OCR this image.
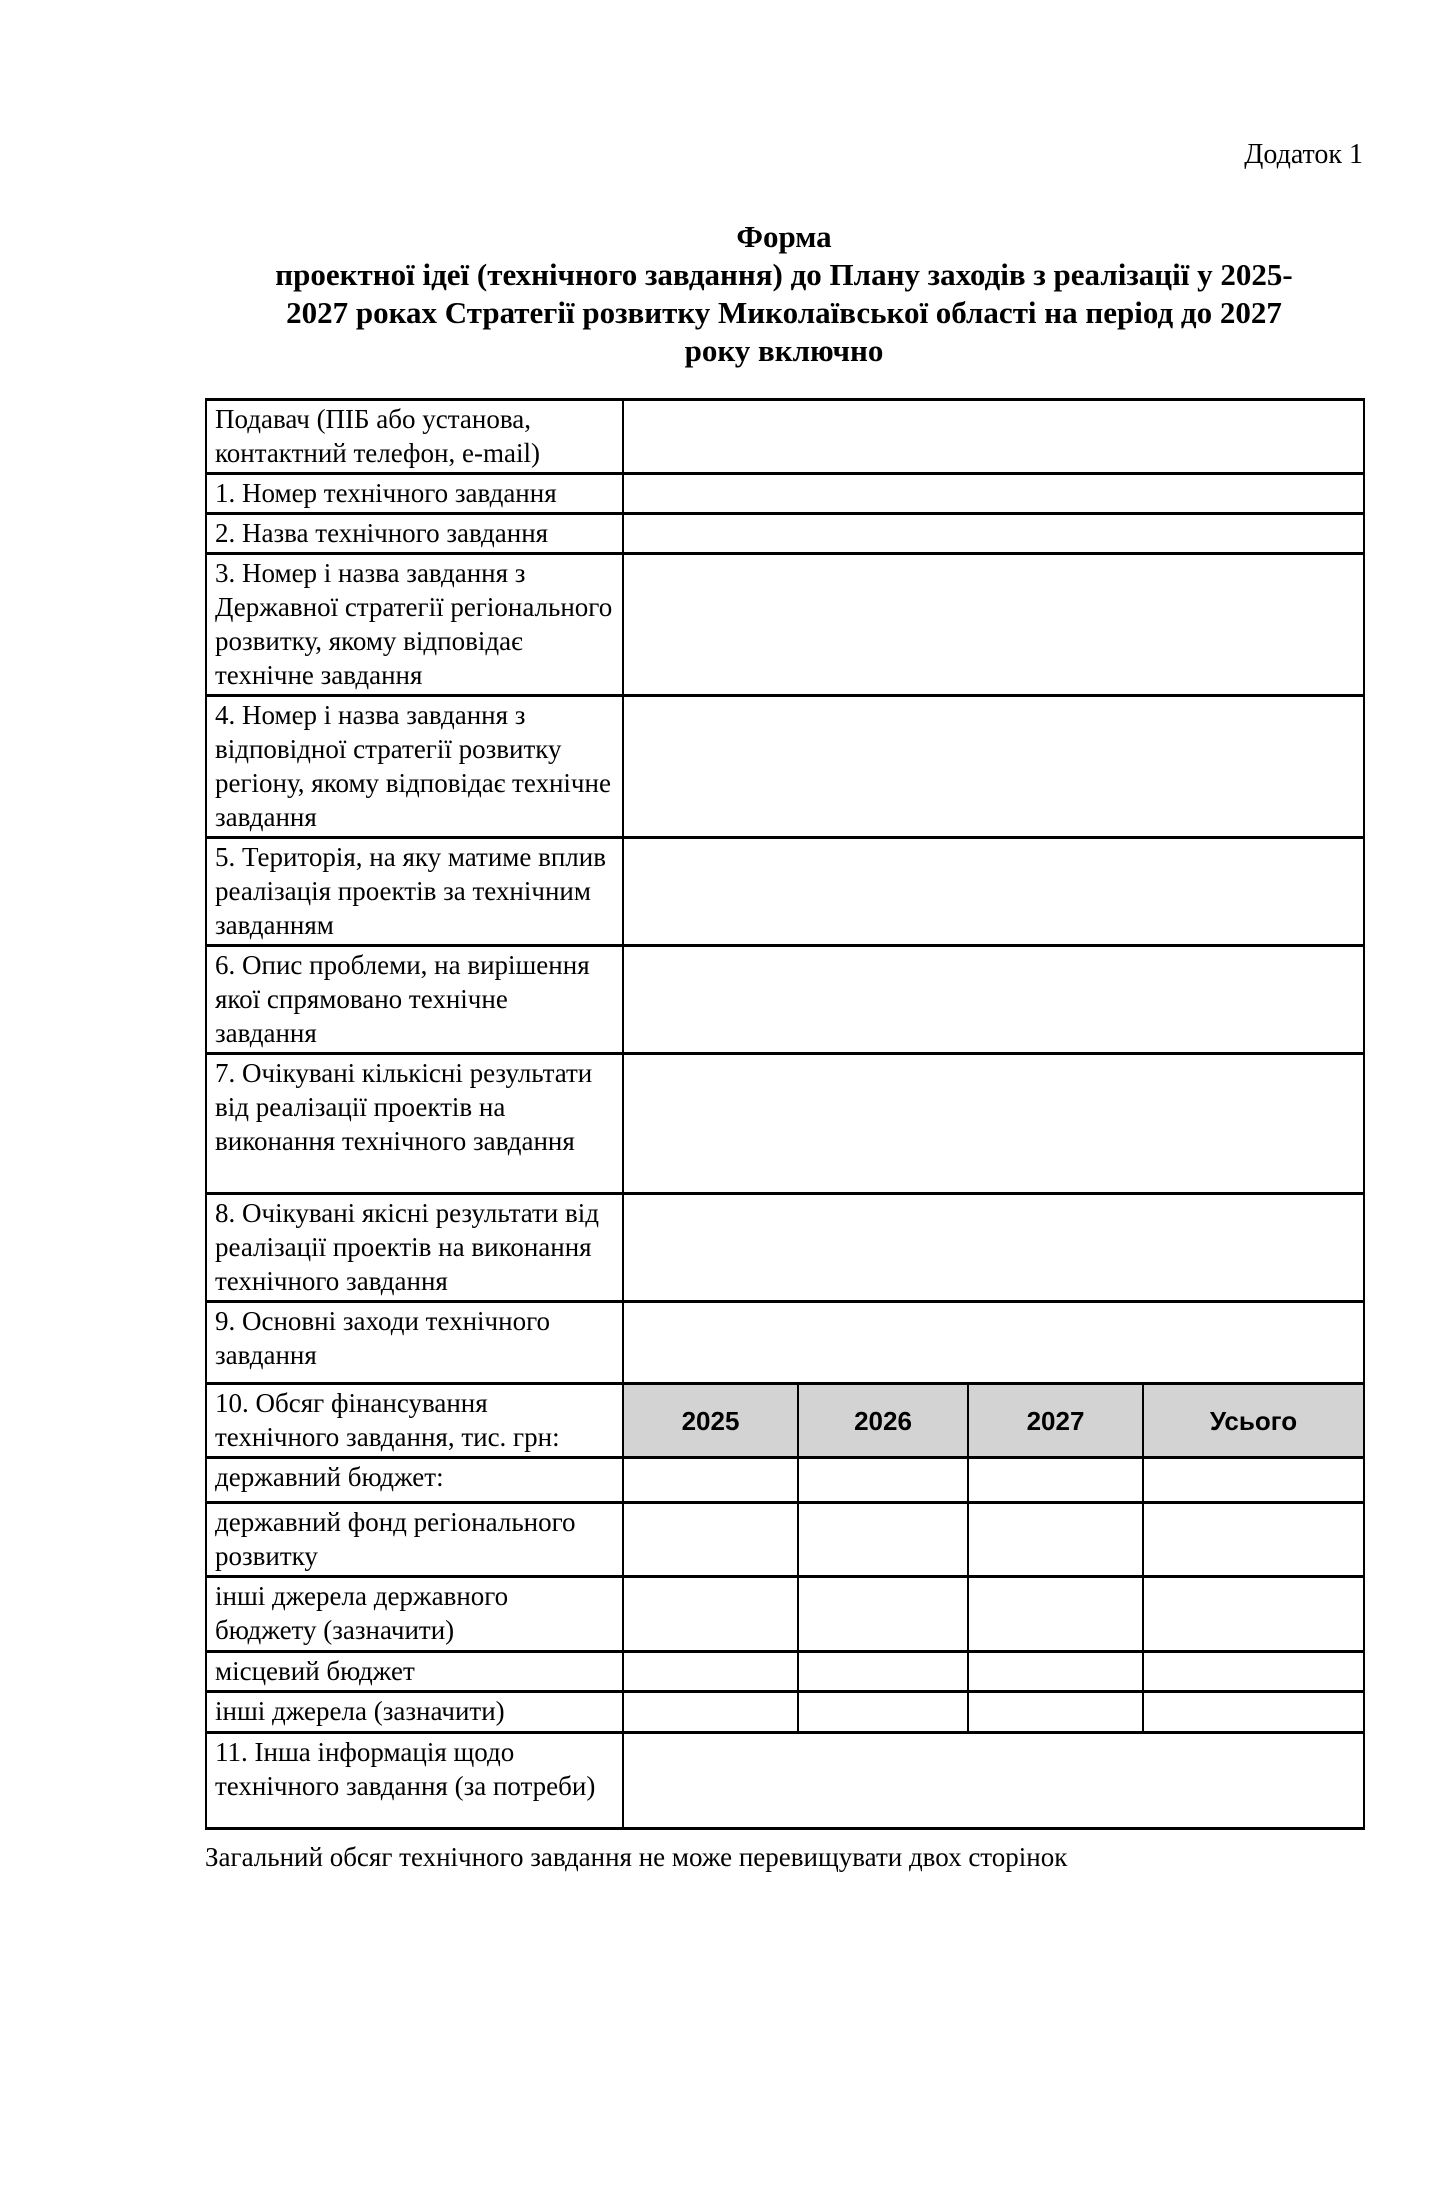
Додаток 1
Форма
проектної ідеї (технічного завдання) до Плану заходів з реалізації у 2025-
2027 роках Стратегії розвитку Миколаївської області на період до 2027
року включно
Подавач (ПІБ або установа, контактний телефон, e-mail)				
1. Номер технічного завдання				
2. Назва технічного завдання				
3. Номер і назва завдання з Державної стратегії регіонального розвитку, якому відповідає технічне завдання				
4. Номер і назва завдання з відповідної стратегії розвитку регіону, якому відповідає технічне завдання				
5. Територія, на яку матиме вплив реалізація проектів за технічним завданням				
6. Опис проблеми, на вирішення якої спрямовано технічне завдання				
7. Очікувані кількісні результати від реалізації проектів на виконання технічного завдання				
8. Очікувані якісні результати від реалізації проектів на виконання технічного завдання				
9. Основні заходи технічного завдання				
10. Обсяг фінансування технічного завдання, тис. грн:	2025	2026	2027	Усього
державний бюджет:				
державний фонд регіонального розвитку				
інші джерела державного бюджету (зазначити)				
місцевий бюджет				
інші джерела (зазначити)				
11. Інша інформація щодо технічного завдання (за потреби)				
Загальний обсяг технічного завдання не може перевищувати двох сторінок
